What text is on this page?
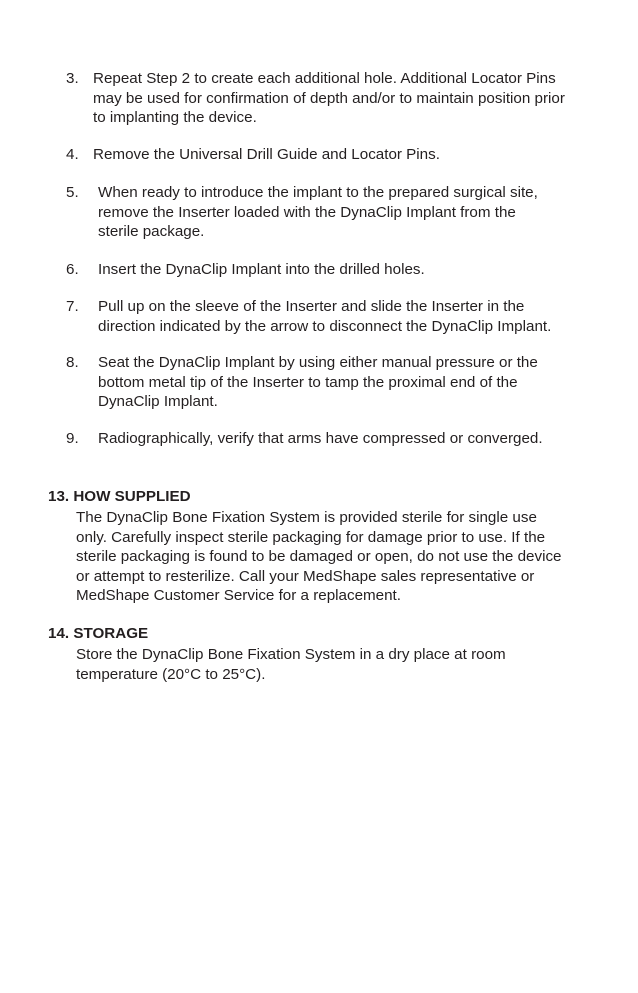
3. Repeat Step 2 to create each additional hole. Additional Locator Pins
may be used for confirmation of depth and/or to maintain position prior
to implanting the device.
4. Remove the Universal Drill Guide and Locator Pins.
5. When ready to introduce the implant to the prepared surgical site,
remove the Inserter loaded with the DynaClip Implant from the
sterile package.
6. Insert the DynaClip Implant into the drilled holes.
7. Pull up on the sleeve of the Inserter and slide the Inserter in the
direction indicated by the arrow to disconnect the DynaClip Implant.
8. Seat the DynaClip Implant by using either manual pressure or the
bottom metal tip of the Inserter to tamp the proximal end of the
DynaClip Implant.
9. Radiographically, verify that arms have compressed or converged.
13. HOW SUPPLIED
The DynaClip Bone Fixation System is provided sterile for single use
only. Carefully inspect sterile packaging for damage prior to use. If the
sterile packaging is found to be damaged or open, do not use the device
or attempt to resterilize. Call your MedShape sales representative or
MedShape Customer Service for a replacement.
14. STORAGE
Store the DynaClip Bone Fixation System in a dry place at room
temperature (20°C to 25°C).
